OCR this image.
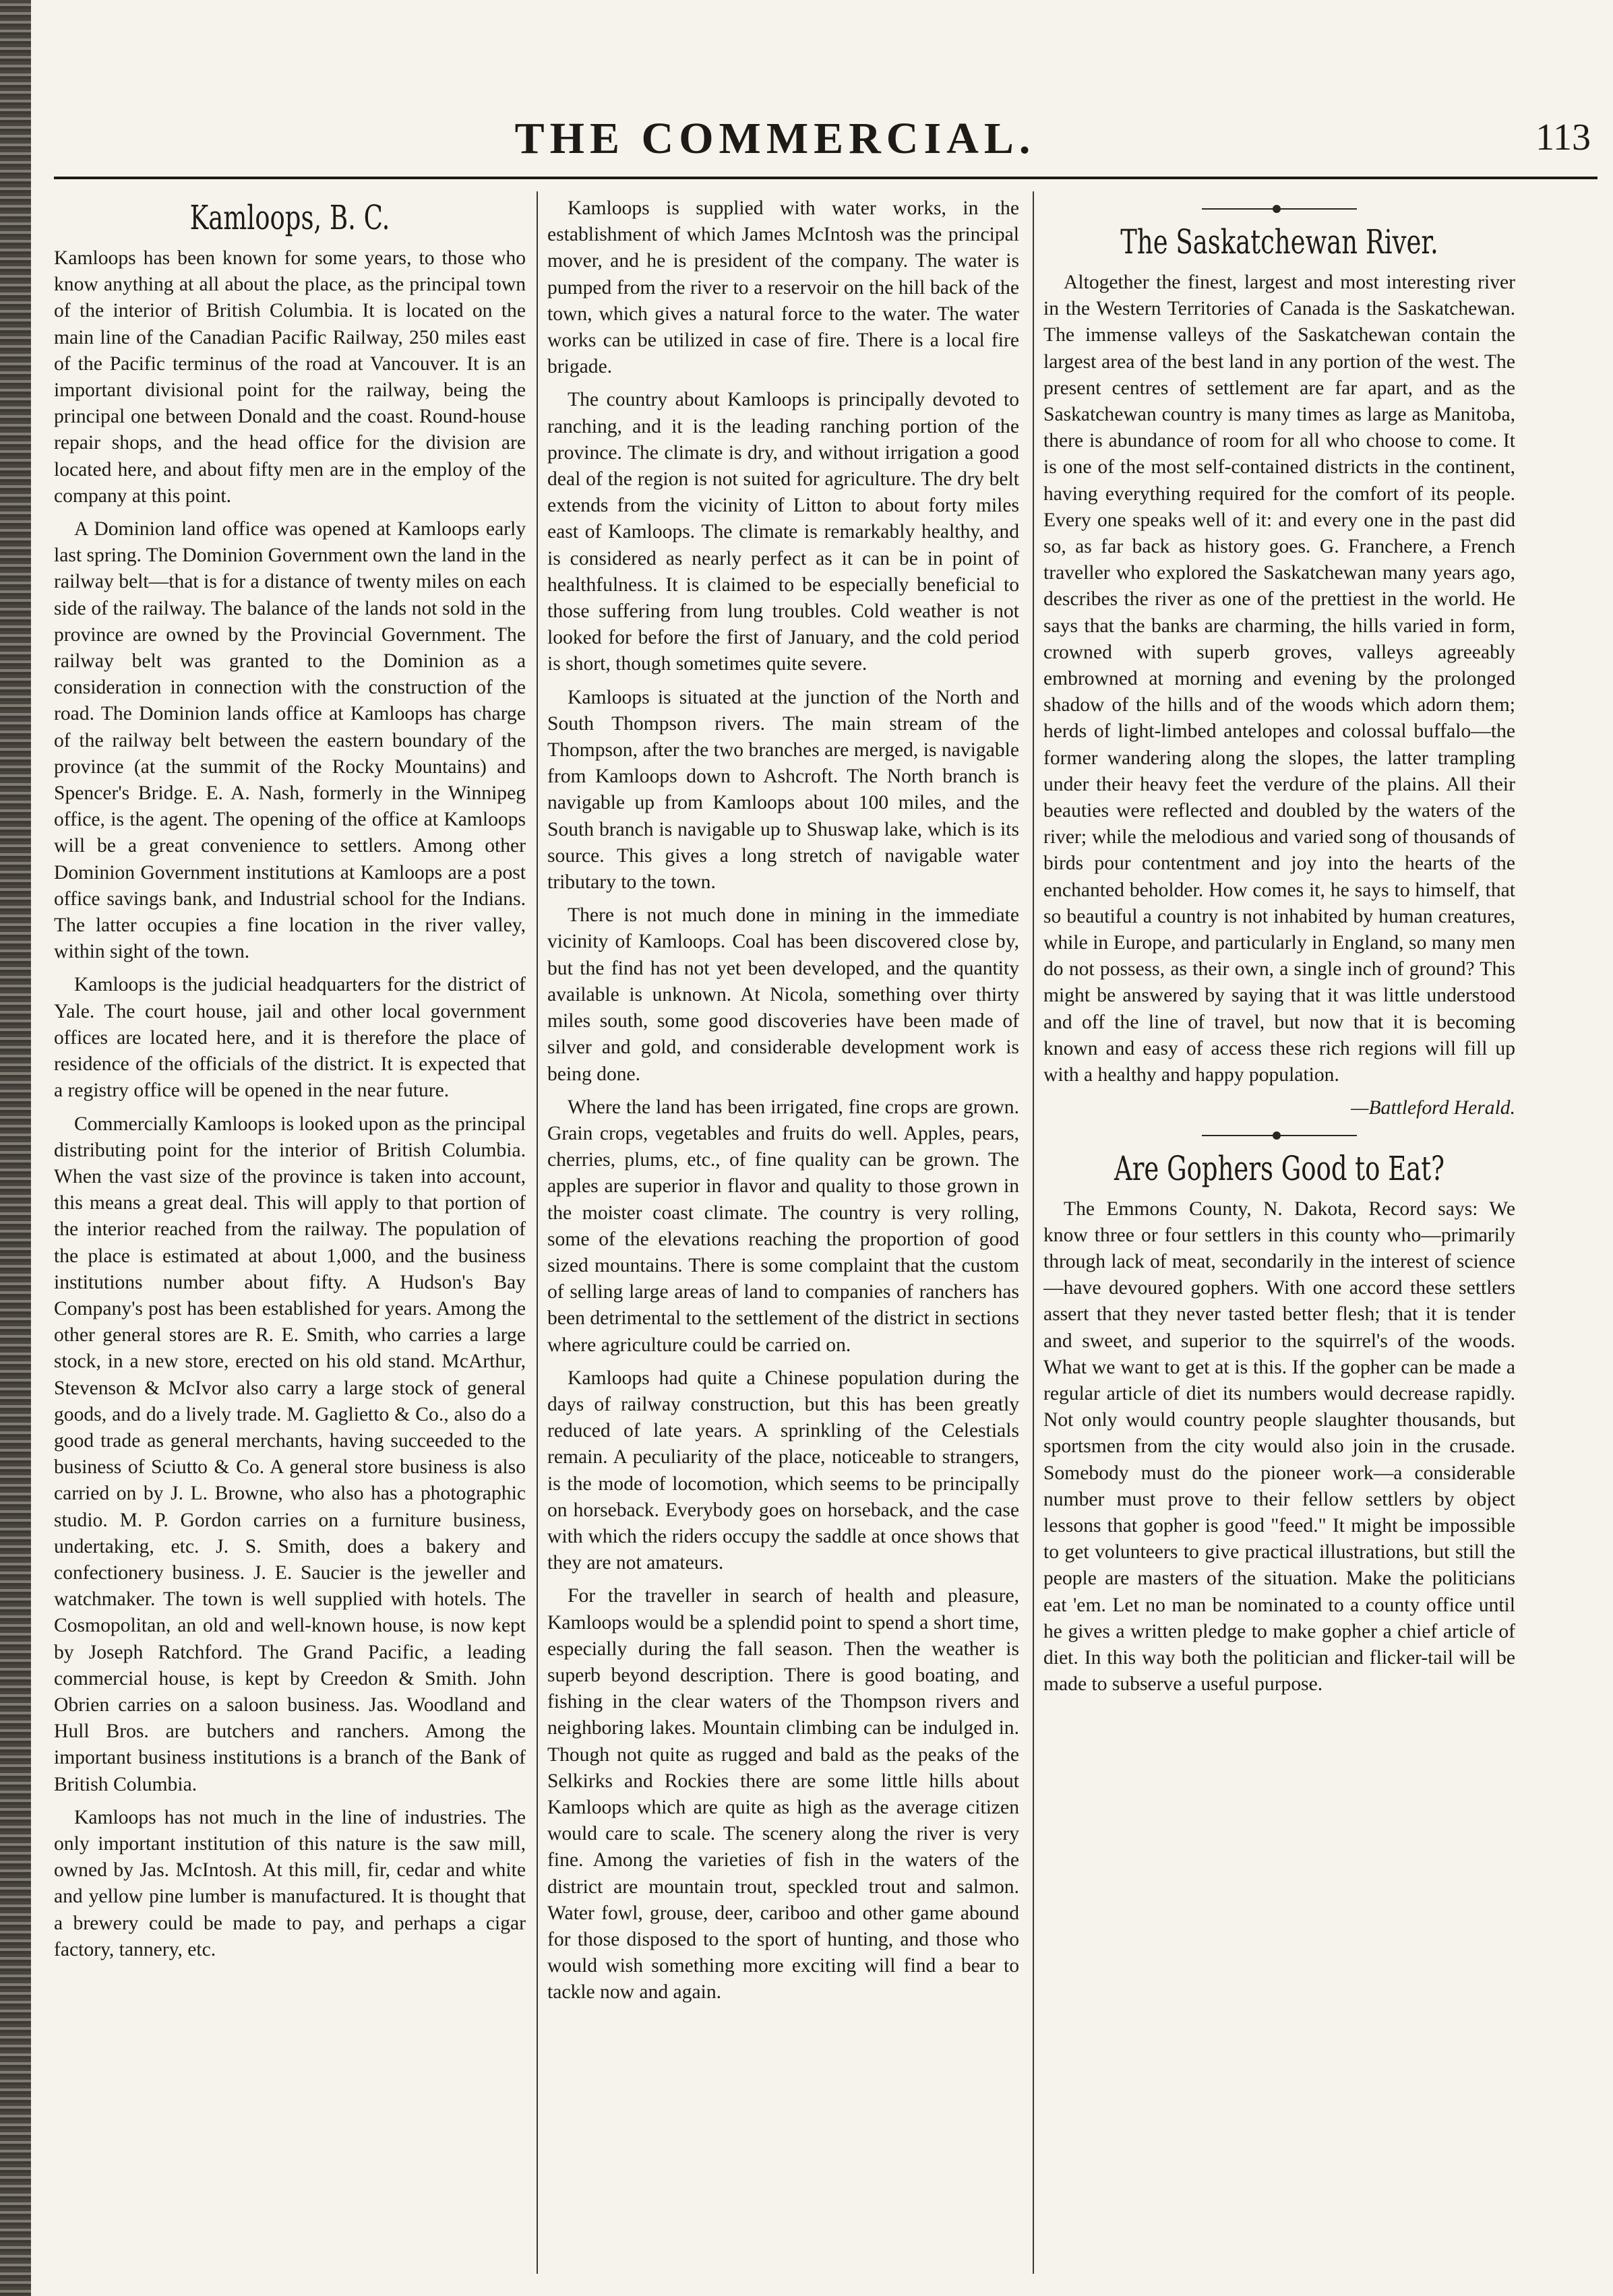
THE COMMERCIAL.	113
Kamloops, B. C.

Kamloops has been known for some years, to those who know anything at all about the place, as the principal town of the interior of British Columbia. It is located on the main line of the Canadian Pacific Railway, 250 miles east of the Pacific terminus of the road at Vancouver. It is an important divisional point for the railway, being the principal one between Donald and the coast. Round-house repair shops, and the head office for the division are located here, and about fifty men are in the employ of the company at this point.

A Dominion land office was opened at Kamloops early last spring. The Dominion Government own the land in the railway belt—that is for a distance of twenty miles on each side of the railway. The balance of the lands not sold in the province are owned by the Provincial Government. The railway belt was granted to the Dominion as a consideration in connection with the construction of the road. The Dominion lands office at Kamloops has charge of the railway belt between the eastern boundary of the province (at the summit of the Rocky Mountains) and Spencer's Bridge. E. A. Nash, formerly in the Winnipeg office, is the agent. The opening of the office at Kamloops will be a great convenience to settlers. Among other Dominion Government institutions at Kamloops are a post office savings bank, and Industrial school for the Indians. The latter occupies a fine location in the river valley, within sight of the town.

Kamloops is the judicial headquarters for the district of Yale. The court house, jail and other local government offices are located here, and it is therefore the place of residence of the officials of the district. It is expected that a registry office will be opened in the near future.

Commercially Kamloops is looked upon as the principal distributing point for the interior of British Columbia. When the vast size of the province is taken into account, this means a great deal. This will apply to that portion of the interior reached from the railway. The population of the place is estimated at about 1,000, and the business institutions number about fifty. A Hudson's Bay Company's post has been established for years. Among the other general stores are R. E. Smith, who carries a large stock, in a new store, erected on his old stand. McArthur, Stevenson & McIvor also carry a large stock of general goods, and do a lively trade. M. Gaglietto & Co., also do a good trade as general merchants, having succeeded to the business of Sciutto & Co. A general store business is also carried on by J. L. Browne, who also has a photographic studio. M. P. Gordon carries on a furniture business, undertaking, etc. J. S. Smith, does a bakery and confectionery business. J. E. Saucier is the jeweller and watchmaker. The town is well supplied with hotels. The Cosmopolitan, an old and well-known house, is now kept by Joseph Ratchford. The Grand Pacific, a leading commercial house, is kept by Creedon & Smith. John Obrien carries on a saloon business. Jas. Woodland and Hull Bros. are butchers and ranchers. Among the important business institutions is a branch of the Bank of British Columbia.

Kamloops has not much in the line of industries. The only important institution of this nature is the saw mill, owned by Jas. McIntosh. At this mill, fir, cedar and white and yellow pine lumber is manufactured. It is thought that a brewery could be made to pay, and perhaps a cigar factory, tannery, etc.

Kamloops is supplied with water works, in the establishment of which James McIntosh was the principal mover, and he is president of the company. The water is pumped from the river to a reservoir on the hill back of the town, which gives a natural force to the water. The water works can be utilized in case of fire. There is a local fire brigade.

The country about Kamloops is principally devoted to ranching, and it is the leading ranching portion of the province. The climate is dry, and without irrigation a good deal of the region is not suited for agriculture. The dry belt extends from the vicinity of Litton to about forty miles east of Kamloops. The climate is remarkably healthy, and is considered as nearly perfect as it can be in point of healthfulness. It is claimed to be especially beneficial to those suffering from lung troubles. Cold weather is not looked for before the first of January, and the cold period is short, though sometimes quite severe.

Kamloops is situated at the junction of the North and South Thompson rivers. The main stream of the Thompson, after the two branches are merged, is navigable from Kamloops down to Ashcroft. The North branch is navigable up from Kamloops about 100 miles, and the South branch is navigable up to Shuswap lake, which is its source. This gives a long stretch of navigable water tributary to the town.

There is not much done in mining in the immediate vicinity of Kamloops. Coal has been discovered close by, but the find has not yet been developed, and the quantity available is unknown. At Nicola, something over thirty miles south, some good discoveries have been made of silver and gold, and considerable development work is being done.

Where the land has been irrigated, fine crops are grown. Grain crops, vegetables and fruits do well. Apples, pears, cherries, plums, etc., of fine quality can be grown. The apples are superior in flavor and quality to those grown in the moister coast climate. The country is very rolling, some of the elevations reaching the proportion of good sized mountains. There is some complaint that the custom of selling large areas of land to companies of ranchers has been detrimental to the settlement of the district in sections where agriculture could be carried on.

Kamloops had quite a Chinese population during the days of railway construction, but this has been greatly reduced of late years. A sprinkling of the Celestials remain. A peculiarity of the place, noticeable to strangers, is the mode of locomotion, which seems to be principally on horseback. Everybody goes on horseback, and the case with which the riders occupy the saddle at once shows that they are not amateurs.

For the traveller in search of health and pleasure, Kamloops would be a splendid point to spend a short time, especially during the fall season. Then the weather is superb beyond description. There is good boating, and fishing in the clear waters of the Thompson rivers and neighboring lakes. Mountain climbing can be indulged in. Though not quite as rugged and bald as the peaks of the Selkirks and Rockies there are some little hills about Kamloops which are quite as high as the average citizen would care to scale. The scenery along the river is very fine. Among the varieties of fish in the waters of the district are mountain trout, speckled trout and salmon. Water fowl, grouse, deer, cariboo and other game abound for those disposed to the sport of hunting, and those who would wish something more exciting will find a bear to tackle now and again.

The Saskatchewan River.

Altogether the finest, largest and most interesting river in the Western Territories of Canada is the Saskatchewan. The immense valleys of the Saskatchewan contain the largest area of the best land in any portion of the west. The present centres of settlement are far apart, and as the Saskatchewan country is many times as large as Manitoba, there is abundance of room for all who choose to come. It is one of the most self-contained districts in the continent, having everything required for the comfort of its people. Every one speaks well of it: and every one in the past did so, as far back as history goes. G. Franchere, a French traveller who explored the Saskatchewan many years ago, describes the river as one of the prettiest in the world. He says that the banks are charming, the hills varied in form, crowned with superb groves, valleys agreeably embrowned at morning and evening by the prolonged shadow of the hills and of the woods which adorn them; herds of light-limbed antelopes and colossal buffalo—the former wandering along the slopes, the latter trampling under their heavy feet the verdure of the plains. All their beauties were reflected and doubled by the waters of the river; while the melodious and varied song of thousands of birds pour contentment and joy into the hearts of the enchanted beholder. How comes it, he says to himself, that so beautiful a country is not inhabited by human creatures, while in Europe, and particularly in England, so many men do not possess, as their own, a single inch of ground? This might be answered by saying that it was little understood and off the line of travel, but now that it is becoming known and easy of access these rich regions will fill up with a healthy and happy population.

—Battleford Herald.

Are Gophers Good to Eat?

The Emmons County, N. Dakota, Record says: We know three or four settlers in this county who—primarily through lack of meat, secondarily in the interest of science—have devoured gophers. With one accord these settlers assert that they never tasted better flesh; that it is tender and sweet, and superior to the squirrel's of the woods. What we want to get at is this. If the gopher can be made a regular article of diet its numbers would decrease rapidly. Not only would country people slaughter thousands, but sportsmen from the city would also join in the crusade. Somebody must do the pioneer work—a considerable number must prove to their fellow settlers by object lessons that gopher is good "feed." It might be impossible to get volunteers to give practical illustrations, but still the people are masters of the situation. Make the politicians eat 'em. Let no man be nominated to a county office until he gives a written pledge to make gopher a chief article of diet. In this way both the politician and flicker-tail will be made to subserve a useful purpose.
